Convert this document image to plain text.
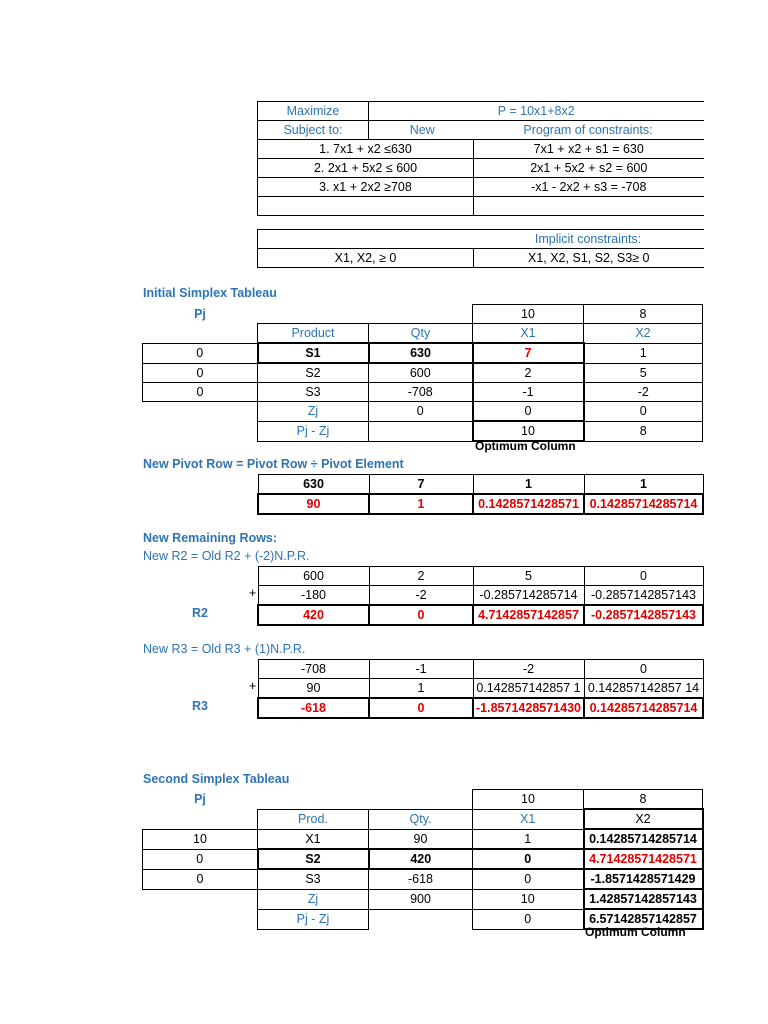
Maximize	P = 10x1+8x2	
Subject to:	New	Program of constraints:
1. 7x1 + x2 ≤630		7x1 + x2 + s1 = 630
2. 2x1 + 5x2 ≤ 600		2x1 + 5x2 + s2 = 600
3. x1 + 2x2 ≥708		-x1 - 2x2 + s3 = -708

	Implicit constraints:
X1, X2, ≥ 0	X1, X2, S1, S2, S3≥ 0
Initial Simplex Tableau
Pj			10	8
	Product	Qty	X1	X2
0	S1	630	7	1
0	S2	600	2	5
0	S3	-708	-1	-2
	Zj	0	0	0
	Pj - Zj		10	8
Optimum Column
New Pivot Row = Pivot Row ÷ Pivot Element
630	7	1	1
90	1	0.1428571428571	0.14285714285714
New Remaining Rows:
New R2 = Old R2 + (-2)N.P.R.
+
R2
600	2	5	0
-180	-2	-0.285714285714	-0.2857142857143
420	0	4.7142857142857	-0.2857142857143
New R3 = Old R3 + (1)N.P.R.
+
R3
-708	-1	-2	0
90	1	0.142857142857 1	0.142857142857 14
-618	0	-1.8571428571430	0.14285714285714
Second Simplex Tableau
Pj			10	8
	Prod.	Qty.	X1	X2
10	X1	90	1	0.14285714285714
0	S2	420	0	4.71428571428571
0	S3	-618	0	-1.8571428571429
	Zj	900	10	1.42857142857143
	Pj - Zj		0	6.57142857142857
Optimum Column
